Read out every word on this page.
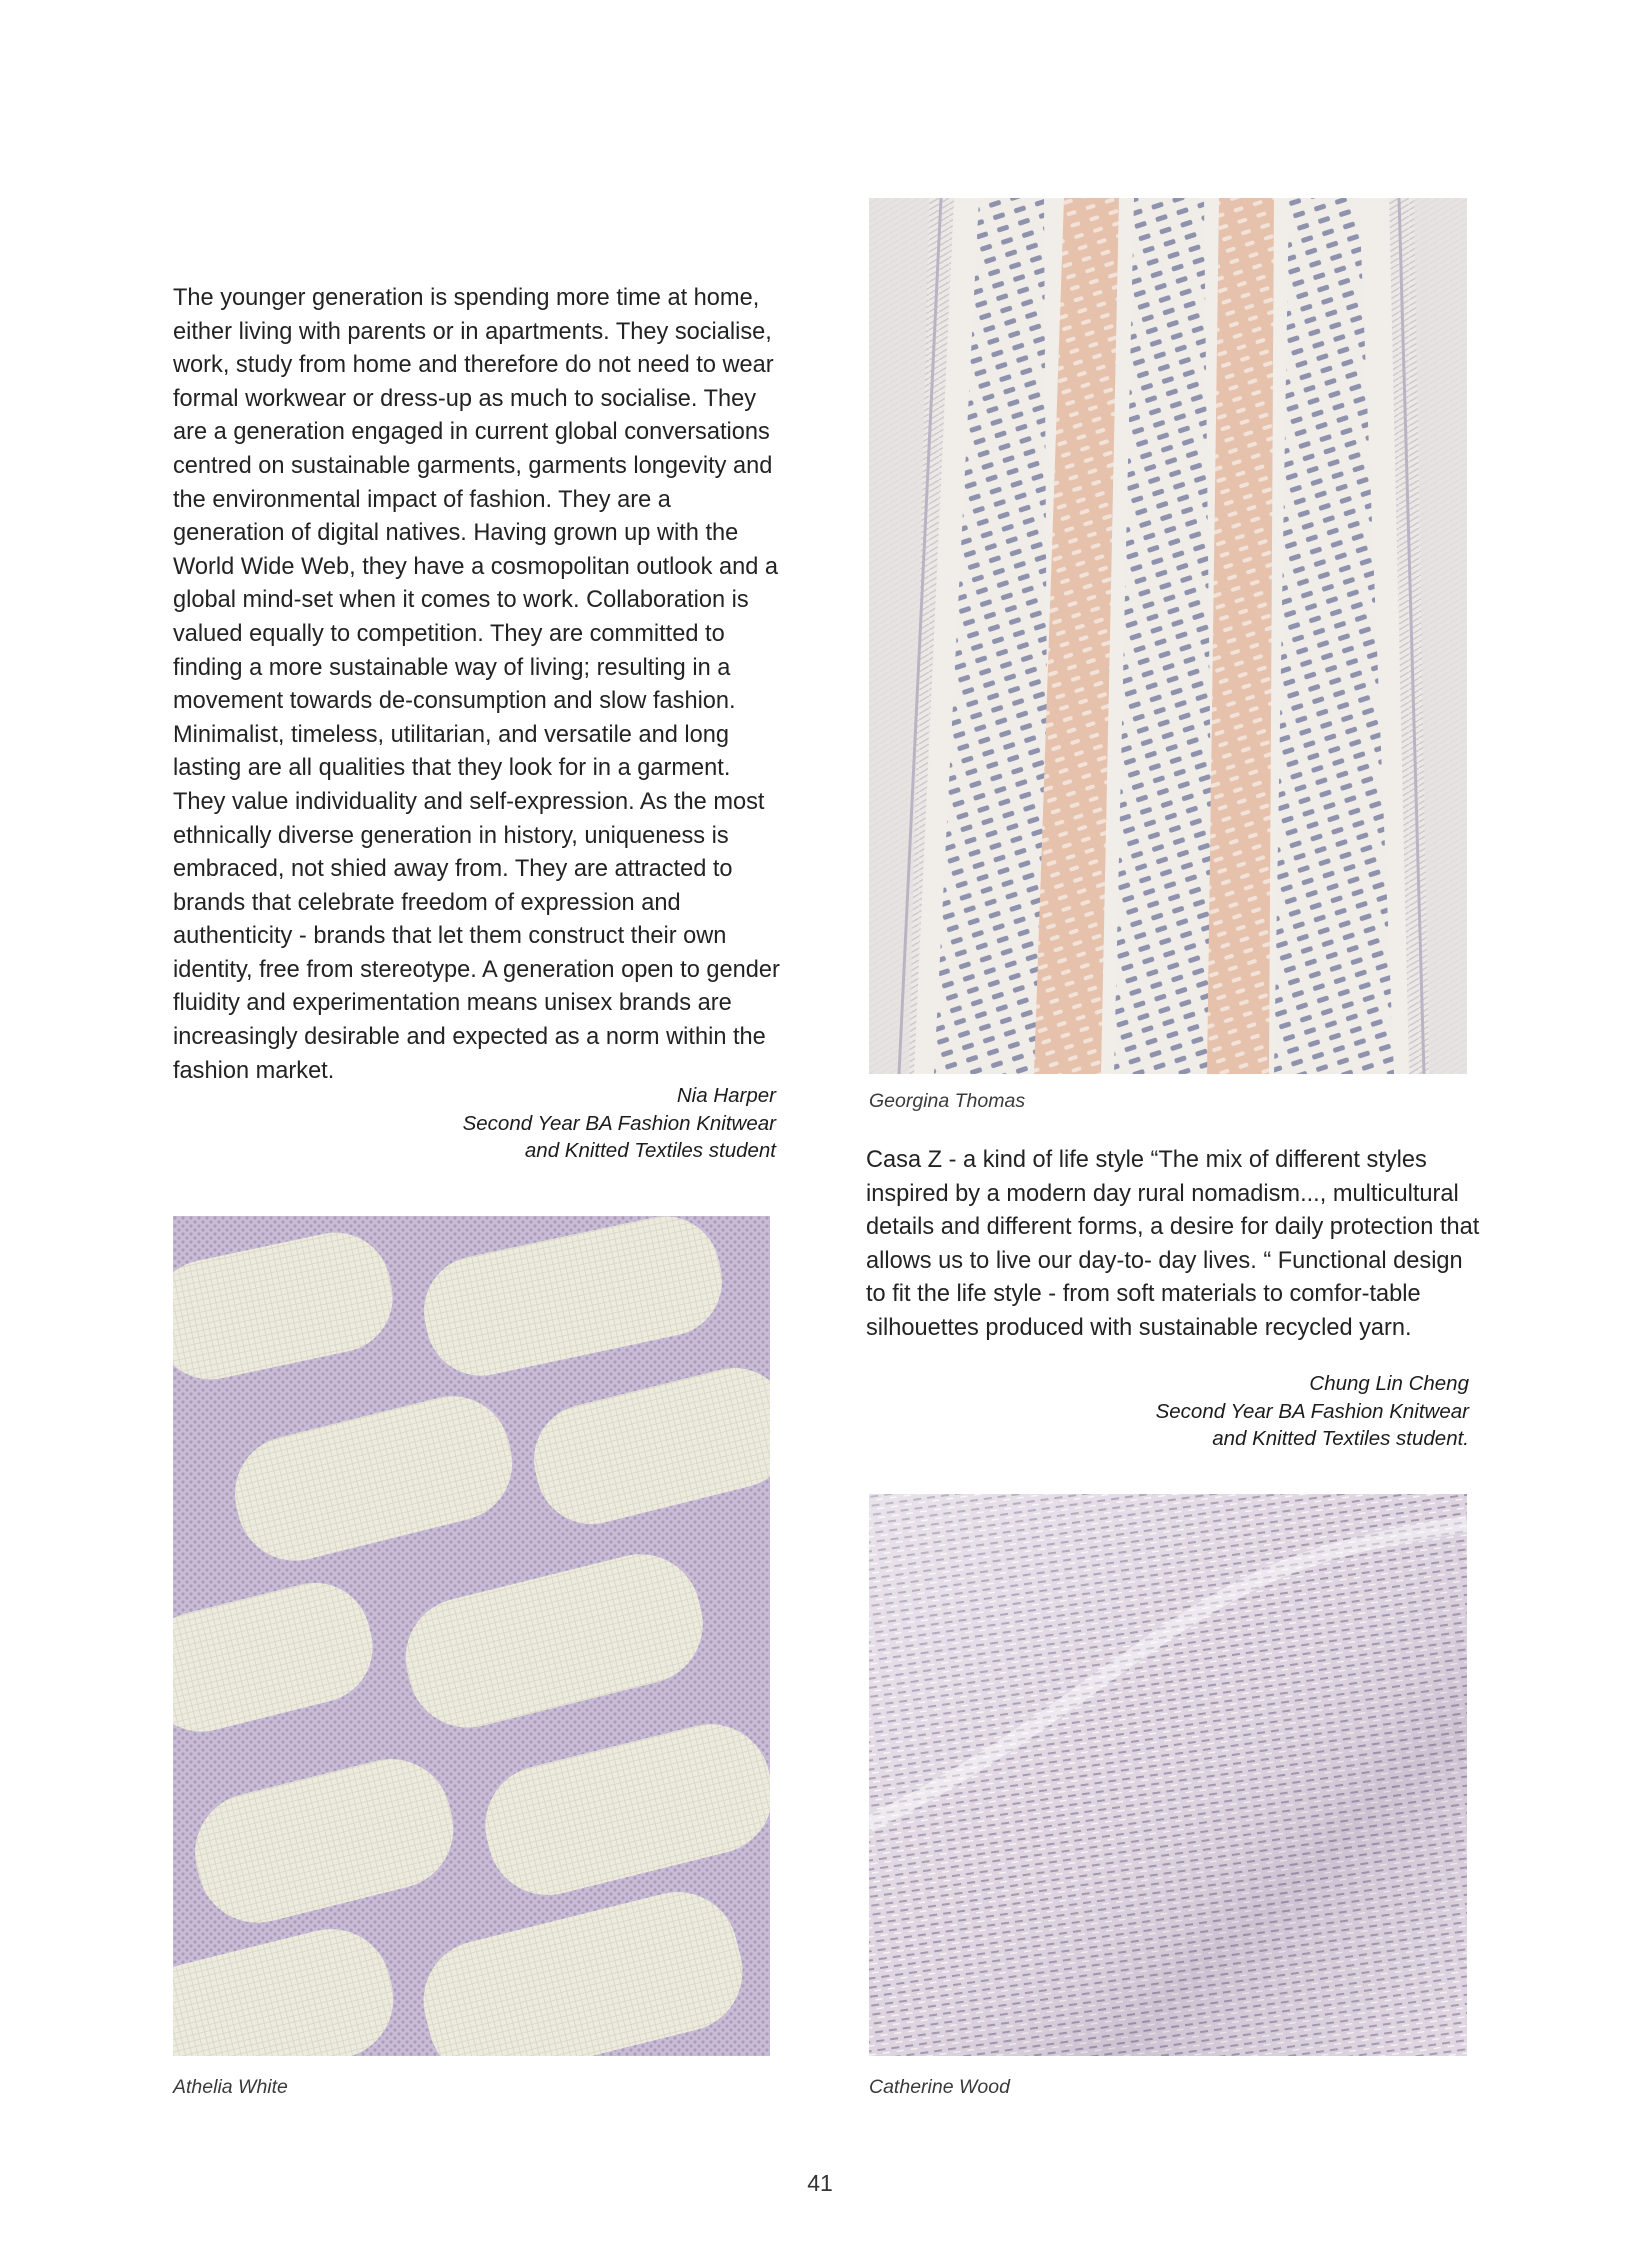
The younger generation is spending more time at home, either living with parents or in apartments. They socialise, work, study from home and therefore do not need to wear formal workwear or dress-up as much to socialise. They are a generation engaged in current global conversations centred on sustainable garments, garments longevity and the environmental impact of fashion. They are a generation of digital natives. Having grown up with the World Wide Web, they have a cosmopolitan outlook and a global mind-set when it comes to work. Collaboration is valued equally to competition. They are committed to finding a more sustainable way of living; resulting in a movement towards de-consumption and slow fashion. Minimalist, timeless, utilitarian, and versatile and long lasting are all qualities that they look for in a garment. They value individuality and self-expression. As the most ethnically diverse generation in history, uniqueness is embraced, not shied away from. They are attracted to brands that celebrate freedom of expression and authenticity - brands that let them construct their own identity, free from stereotype. A generation open to gender fluidity and experimentation means unisex brands are increasingly desirable and expected as a norm within the fashion market.

Nia Harper
Second Year BA Fashion Knitwear
and Knitted Textiles student
Georgina Thomas

Casa Z - a kind of life style “The mix of different styles inspired by a modern day rural nomadism..., multicultural details and different forms, a desire for daily protection that allows us to live our day-to- day lives. “ Functional design to fit the life style - from soft materials to comfor-table silhouettes produced with sustainable recycled yarn.

Chung Lin Cheng
Second Year BA Fashion Knitwear
and Knitted Textiles student.
Athelia White	Catherine Wood
41
